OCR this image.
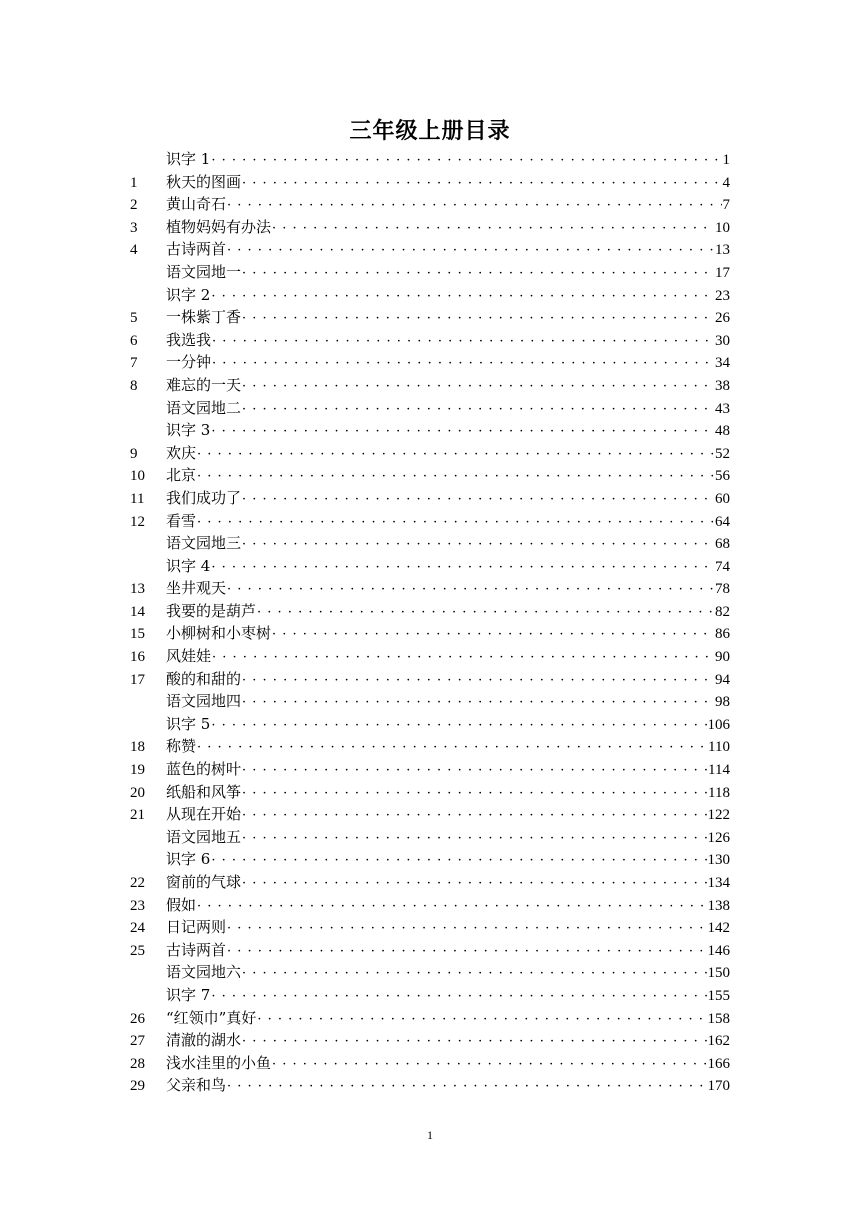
三年级上册目录
识字 1 · · ·	1
1	秋天的图画 · · ·	4
2	黄山奇石 · · ·	7
3	植物妈妈有办法 · · ·	10
4	古诗两首 · · ·	13
语文园地一 · · ·	17
识字 2 · · ·	23
5	一株紫丁香 · · ·	26
6	我选我 · · ·	30
7	一分钟 · · ·	34
8	难忘的一天 · · ·	38
语文园地二 · · ·	43
识字 3 · · ·	48
9	欢庆 · · ·	52
10	北京 · · ·	56
11	我们成功了 · · ·	60
12	看雪 · · ·	64
语文园地三 · · ·	68
识字 4 · · ·	74
13	坐井观天 · · ·	78
14	我要的是葫芦 · · ·	82
15	小柳树和小枣树 · · ·	86
16	风娃娃 · · ·	90
17	酸的和甜的 · · ·	94
语文园地四 · · ·	98
识字 5 · · ·	106
18	称赞 · · ·	110
19	蓝色的树叶 · · ·	114
20	纸船和风筝 · · ·	118
21	从现在开始 · · ·	122
语文园地五 · · ·	126
识字 6 · · ·	130
22	窗前的气球 · · ·	134
23	假如 · · ·	138
24	日记两则 · · ·	142
25	古诗两首 · · ·	146
语文园地六 · · ·	150
识字 7 · · ·	155
26	“红领巾”真好 · · ·	158
27	清澈的湖水 · · ·	162
28	浅水洼里的小鱼 · · ·	166
29	父亲和鸟 · · ·	170
1
